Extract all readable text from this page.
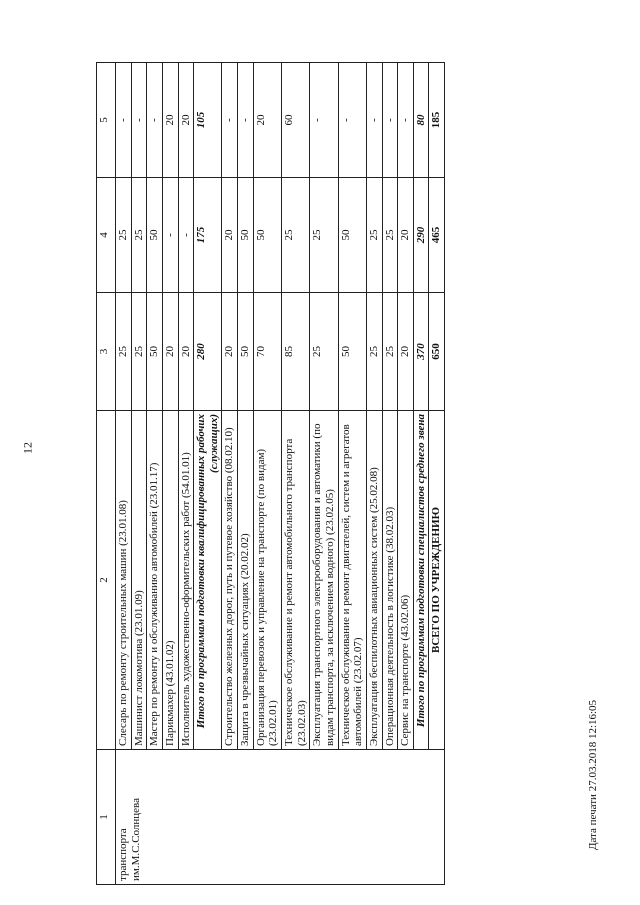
12
Дата печати 27.03.2018 12:16:05
1	2	3	4	5
транспорта им.М.С.Солнцева	Слесарь по ремонту строительных машин (23.01.08)	25	25	-
	Машинист локомотива (23.01.09)	25	25	-
	Мастер по ремонту и обслуживанию автомобилей (23.01.17)	50	50	-
	Парикмахер (43.01.02)	20	-	20
	Исполнитель художественно-оформительских работ (54.01.01)	20	-	20
	Итого по программам подготовки квалифицированных рабочих (служащих)	280	175	105
	Строительство железных дорог, путь и путевое хозяйство (08.02.10)	20	20	-
	Защита в чрезвычайных ситуациях (20.02.02)	50	50	-
	Организация перевозок и управление на транспорте (по видам) (23.02.01)	70	50	20
	Техническое обслуживание и ремонт автомобильного транспорта (23.02.03)	85	25	60
	Эксплуатация транспортного электрооборудования и автоматики (по видам транспорта, за исключением водного) (23.02.05)	25	25	-
	Техническое обслуживание и ремонт двигателей, систем и агрегатов автомобилей (23.02.07)	50	50	-
	Эксплуатация беспилотных авиационных систем (25.02.08)	25	25	-
	Операционная деятельность в логистике (38.02.03)	25	25	-
	Сервис на транспорте (43.02.06)	20	20	-
	Итого по программам подготовки специалистов среднего звена	370	290	80
	ВСЕГО ПО УЧРЕЖДЕНИЮ	650	465	185
